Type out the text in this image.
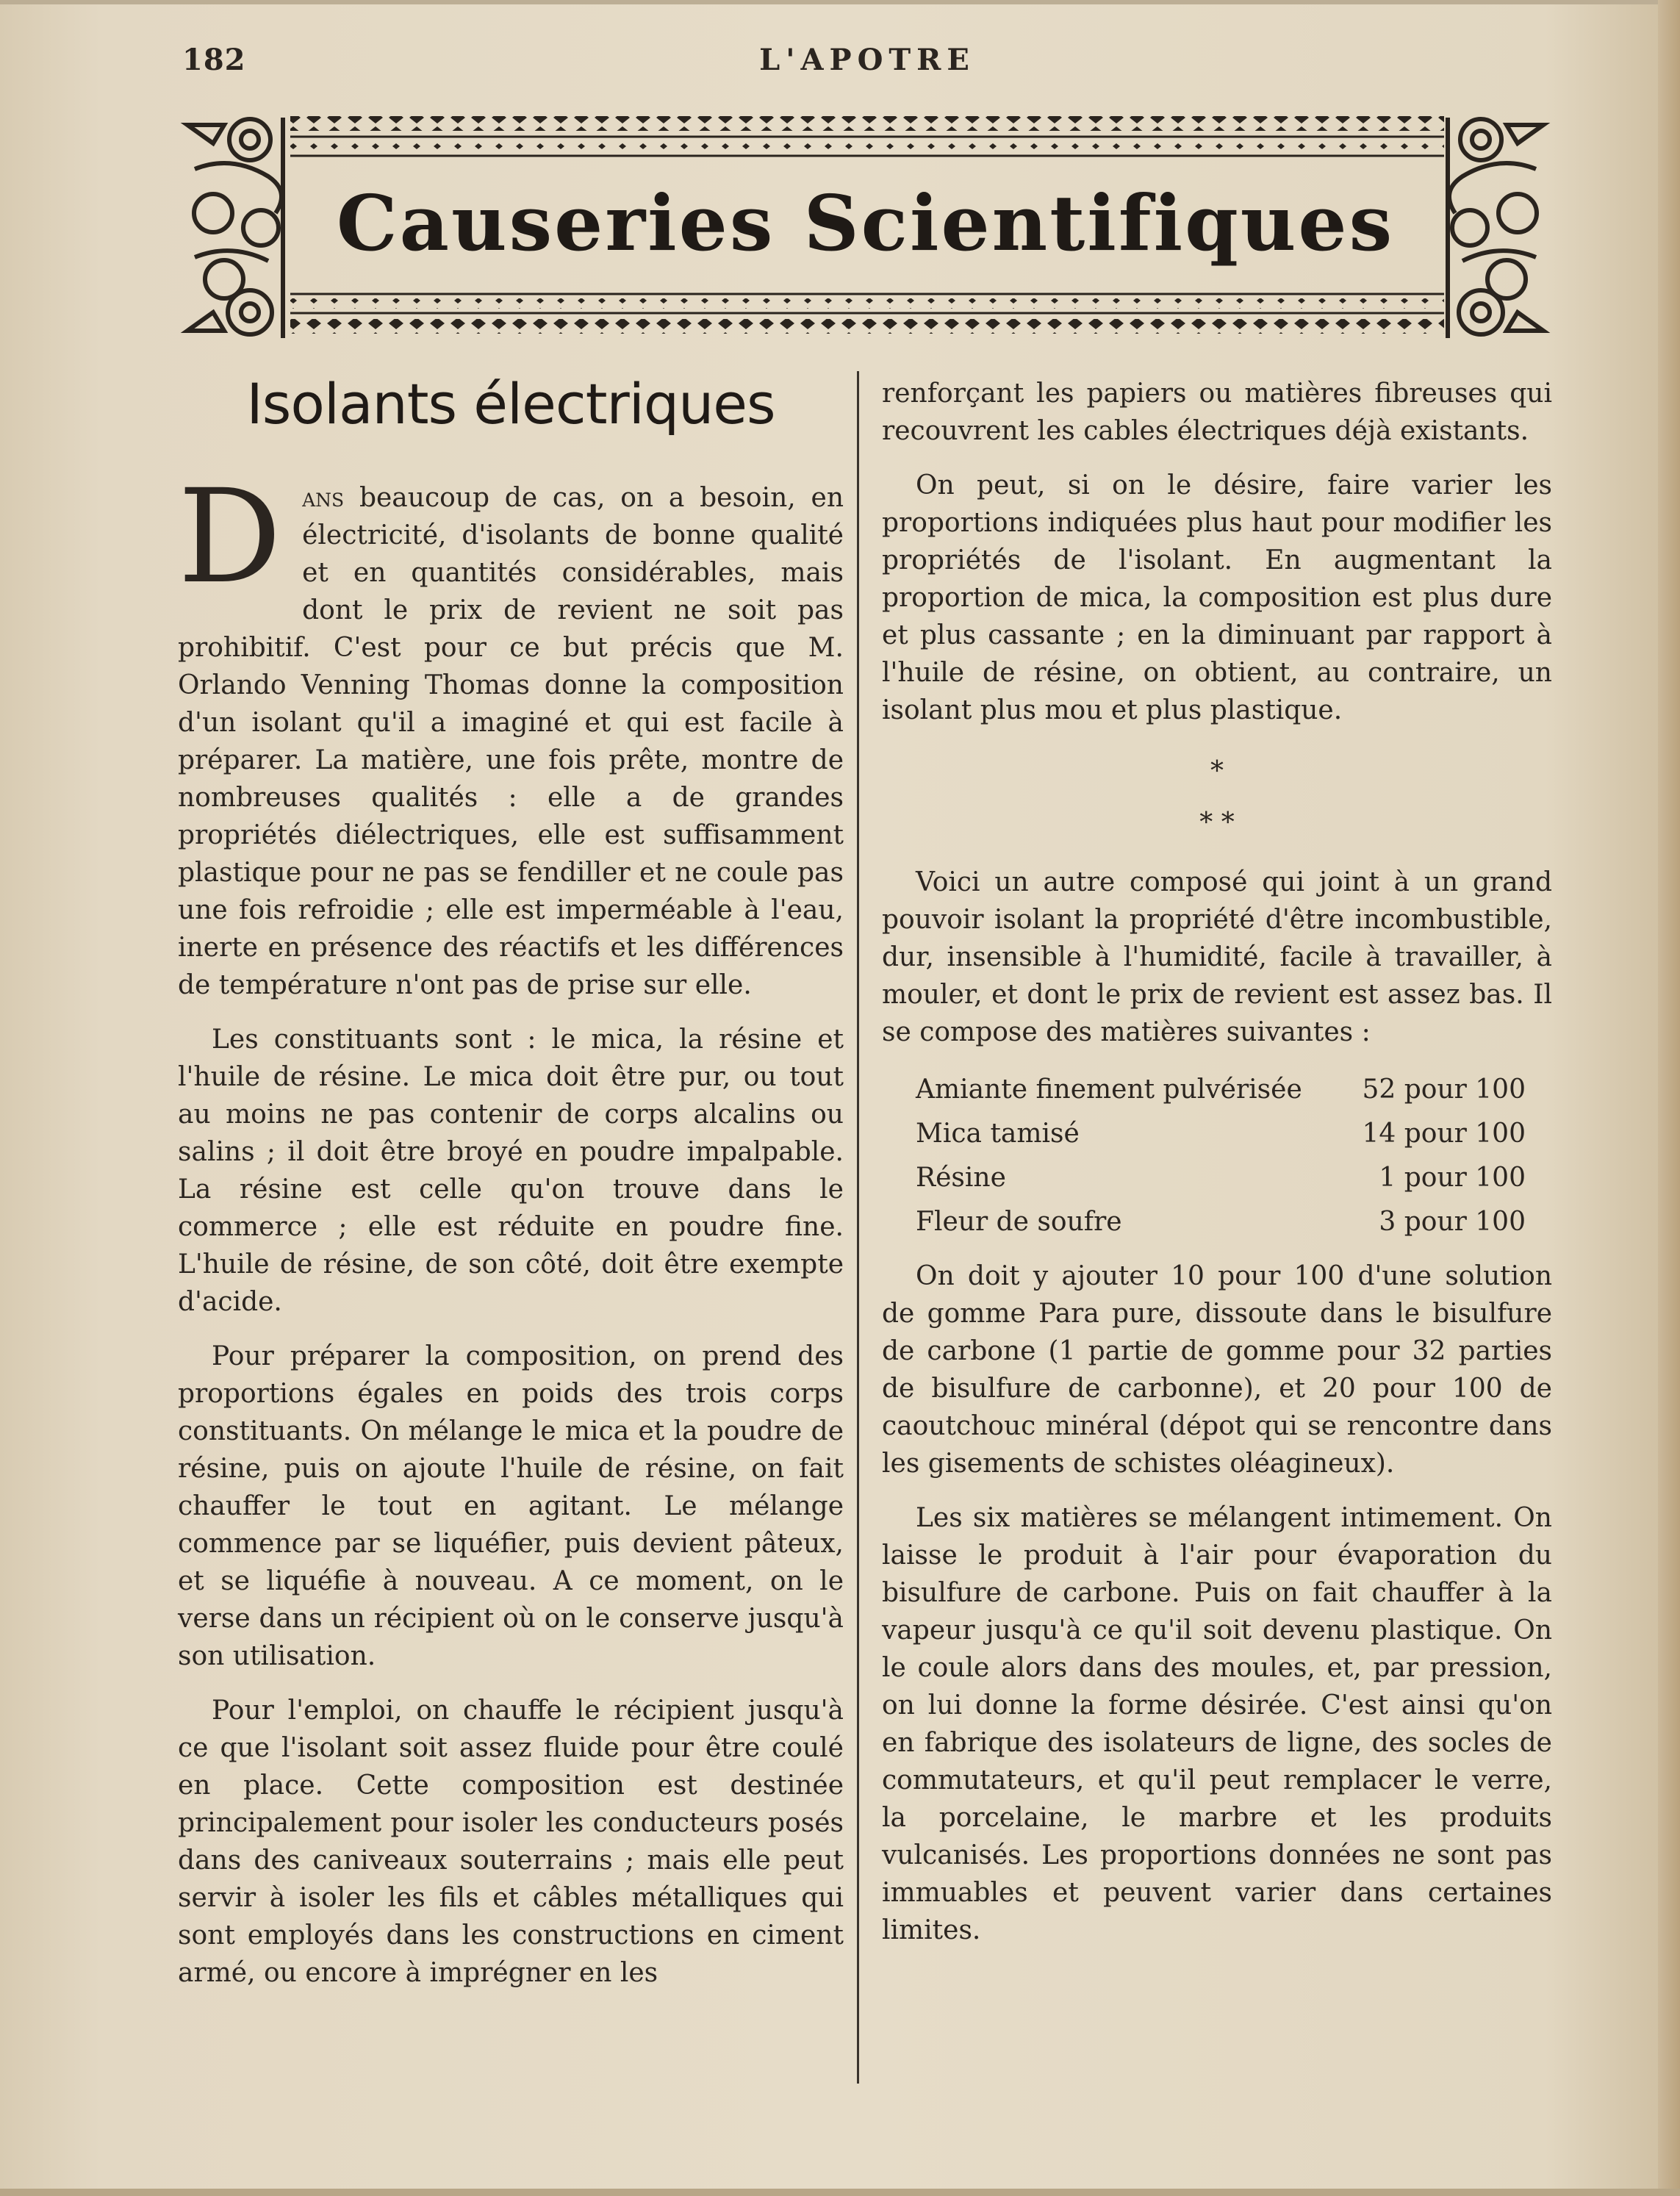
182	L'APOTRE
Causeries Scientifiques
Isolants électriques

Dans beaucoup de cas, on a besoin, en électricité, d'isolants de bonne qualité et en quantités considérables, mais dont le prix de revient ne soit pas prohibitif. C'est pour ce but précis que M. Orlando Venning Thomas donne la composition d'un isolant qu'il a imaginé et qui est facile à préparer. La matière, une fois prête, montre de nombreuses qualités : elle a de grandes propriétés diélectriques, elle est suffisamment plastique pour ne pas se fendiller et ne coule pas une fois refroidie ; elle est imperméable à l'eau, inerte en présence des réactifs et les différences de température n'ont pas de prise sur elle.

Les constituants sont : le mica, la résine et l'huile de résine. Le mica doit être pur, ou tout au moins ne pas contenir de corps alcalins ou salins ; il doit être broyé en poudre impalpable. La résine est celle qu'on trouve dans le commerce ; elle est réduite en poudre fine. L'huile de résine, de son côté, doit être exempte d'acide.

Pour préparer la composition, on prend des proportions égales en poids des trois corps constituants. On mélange le mica et la poudre de résine, puis on ajoute l'huile de résine, on fait chauffer le tout en agitant. Le mélange commence par se liquéfier, puis devient pâteux, et se liquéfie à nouveau. A ce moment, on le verse dans un récipient où on le conserve jusqu'à son utilisation.

Pour l'emploi, on chauffe le récipient jusqu'à ce que l'isolant soit assez fluide pour être coulé en place. Cette composition est destinée principalement pour isoler les conducteurs posés dans des caniveaux souterrains ; mais elle peut servir à isoler les fils et câbles métalliques qui sont employés dans les constructions en ciment armé, ou encore à imprégner en les

renforçant les papiers ou matières fibreuses qui recouvrent les cables électriques déjà existants.

On peut, si on le désire, faire varier les proportions indiquées plus haut pour modifier les propriétés de l'isolant. En augmentant la proportion de mica, la composition est plus dure et plus cassante ; en la diminuant par rapport à l'huile de résine, on obtient, au contraire, un isolant plus mou et plus plastique.

*
* *

Voici un autre composé qui joint à un grand pouvoir isolant la propriété d'être incombustible, dur, insensible à l'humidité, facile à travailler, à mouler, et dont le prix de revient est assez bas. Il se compose des matières suivantes :

Amiante finement pulvérisée	52 pour 100
Mica tamisé	14 pour 100
Résine	1 pour 100
Fleur de soufre	3 pour 100

On doit y ajouter 10 pour 100 d'une solution de gomme Para pure, dissoute dans le bisulfure de carbone (1 partie de gomme pour 32 parties de bisulfure de carbonne), et 20 pour 100 de caoutchouc minéral (dépot qui se rencontre dans les gisements de schistes oléagineux).

Les six matières se mélangent intimement. On laisse le produit à l'air pour évaporation du bisulfure de carbone. Puis on fait chauffer à la vapeur jusqu'à ce qu'il soit devenu plastique. On le coule alors dans des moules, et, par pression, on lui donne la forme désirée. C'est ainsi qu'on en fabrique des isolateurs de ligne, des socles de commutateurs, et qu'il peut remplacer le verre, la porcelaine, le marbre et les produits vulcanisés. Les proportions données ne sont pas immuables et peuvent varier dans certaines limites.
